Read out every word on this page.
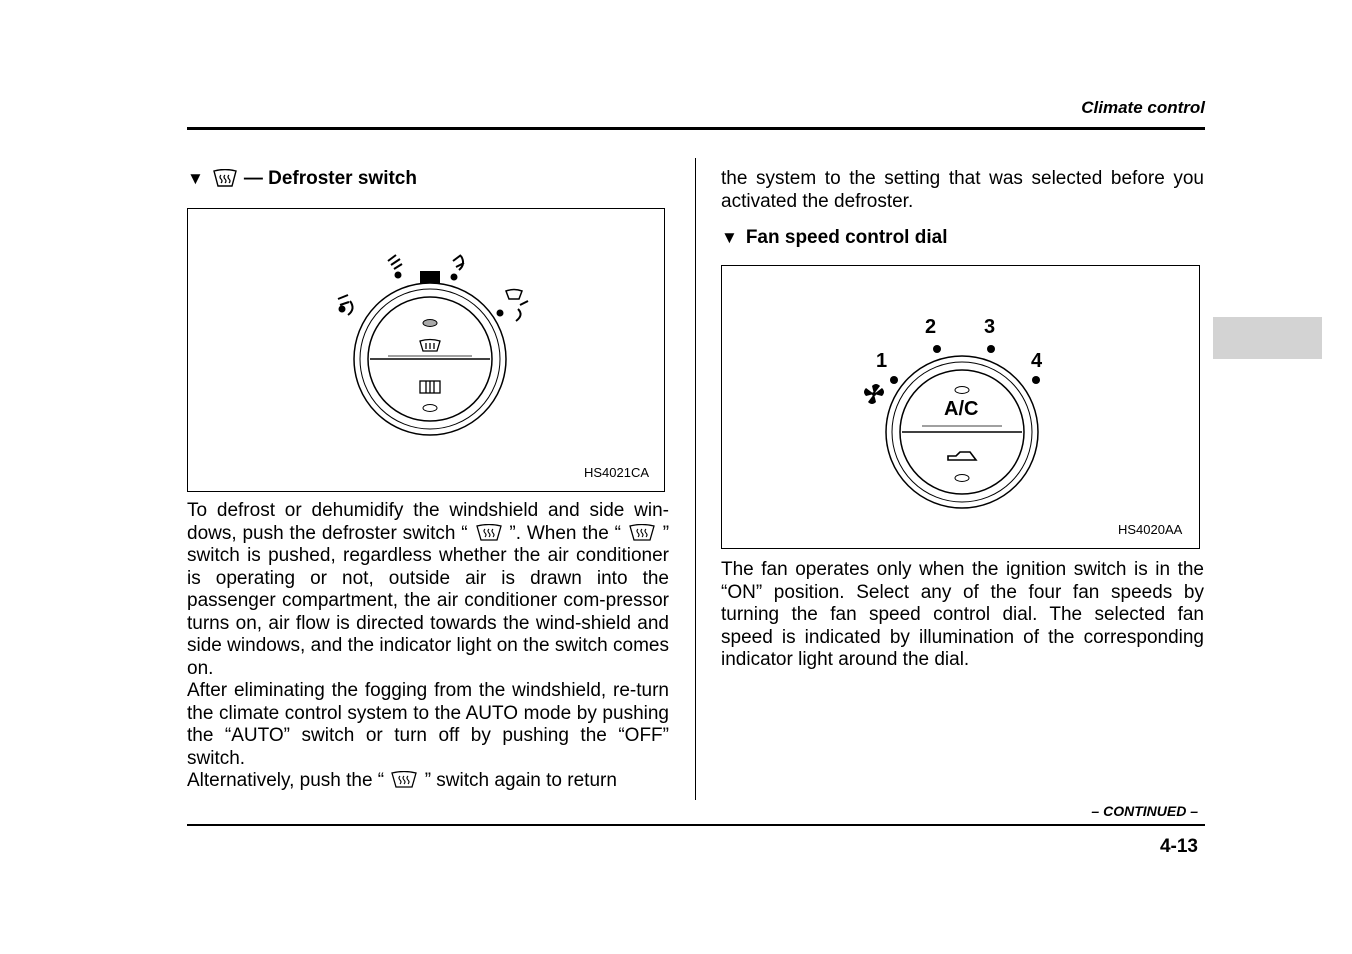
Climate control
▼ — Defroster switch
HS4021CA

To defrost or dehumidify the windshield and side win-dows, push the defroster switch “ ”. When the “ ” switch is pushed, regardless whether the air conditioner is operating or not, outside air is drawn into the passenger compartment, the air conditioner com-pressor turns on, air flow is directed towards the wind-shield and side windows, and the indicator light on the switch comes on.

After eliminating the fogging from the windshield, re-turn the climate control system to the AUTO mode by pushing the “AUTO” switch or turn off by pushing the “OFF” switch.

Alternatively, push the “ ” switch again to return

the system to the setting that was selected before you activated the defroster.

▼ Fan speed control dial
1
2 3
4
A/C
HS4020AA

The fan operates only when the ignition switch is in the “ON” position. Select any of the four fan speeds by turning the fan speed control dial. The selected fan speed is indicated by illumination of the corresponding indicator light around the dial.

– CONTINUED –
4-13
